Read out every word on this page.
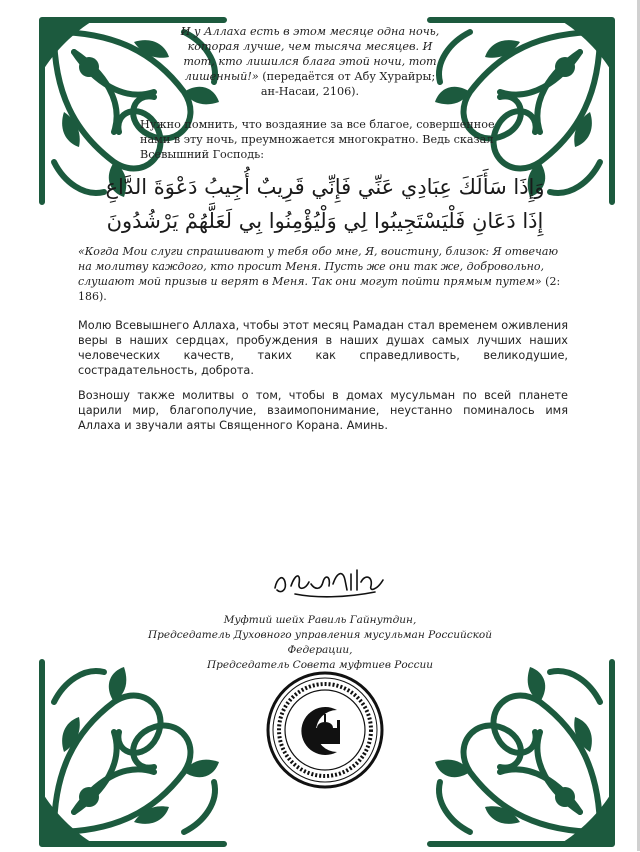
И у Аллаха есть в этом месяце одна ночь, которая лучше, чем тысяча месяцев. И тот, кто лишился блага этой ночи, тот лишенный!» (передаётся от Абу Хурайры; ан-Насаи, 2106).
Нужно помнить, что воздаяние за все благое, совершенное нами в эту ночь, преумножается многократно. Ведь сказал Всевышний Господь:
وَإِذَا سَأَلَكَ عِبَادِي عَنِّي فَإِنِّي قَرِيبٌ أُجِيبُ دَعْوَةَ الدَّاعِ إِذَا دَعَانِ فَلْيَسْتَجِيبُوا لِي وَلْيُؤْمِنُوا بِي لَعَلَّهُمْ يَرْشُدُونَ
«Когда Мои слуги спрашивают у тебя обо мне, Я, воистину, близок: Я отвечаю на молитву каждого, кто просит Меня. Пусть же они так же, добровольно, слушают мой призыв и верят в Меня. Так они могут пойти прямым путем» (2: 186).
Молю Всевышнего Аллаха, чтобы этот месяц Рамадан стал временем оживления веры в наших сердцах, пробуждения в наших душах самых лучших наших человеческих качеств, таких как справедливость, великодушие, сострадательность, доброта.
Возношу также молитвы о том, чтобы в домах мусульман по всей планете царили мир, благополучие, взаимопонимание, неустанно поминалось имя Аллаха и звучали аяты Священного Корана. Аминь.
Муфтий шейх Равиль Гайнутдин,
Председатель Духовного управления мусульман Российской Федерации,
Председатель Совета муфтиев России
